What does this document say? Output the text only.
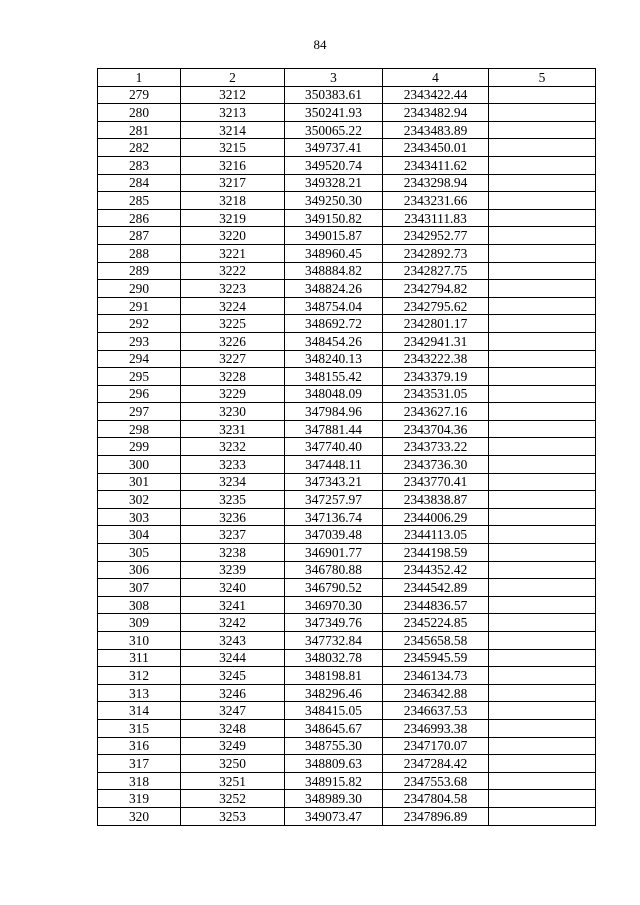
84
1	2	3	4	5
279	3212	350383.61	2343422.44	
280	3213	350241.93	2343482.94	
281	3214	350065.22	2343483.89	
282	3215	349737.41	2343450.01	
283	3216	349520.74	2343411.62	
284	3217	349328.21	2343298.94	
285	3218	349250.30	2343231.66	
286	3219	349150.82	2343111.83	
287	3220	349015.87	2342952.77	
288	3221	348960.45	2342892.73	
289	3222	348884.82	2342827.75	
290	3223	348824.26	2342794.82	
291	3224	348754.04	2342795.62	
292	3225	348692.72	2342801.17	
293	3226	348454.26	2342941.31	
294	3227	348240.13	2343222.38	
295	3228	348155.42	2343379.19	
296	3229	348048.09	2343531.05	
297	3230	347984.96	2343627.16	
298	3231	347881.44	2343704.36	
299	3232	347740.40	2343733.22	
300	3233	347448.11	2343736.30	
301	3234	347343.21	2343770.41	
302	3235	347257.97	2343838.87	
303	3236	347136.74	2344006.29	
304	3237	347039.48	2344113.05	
305	3238	346901.77	2344198.59	
306	3239	346780.88	2344352.42	
307	3240	346790.52	2344542.89	
308	3241	346970.30	2344836.57	
309	3242	347349.76	2345224.85	
310	3243	347732.84	2345658.58	
311	3244	348032.78	2345945.59	
312	3245	348198.81	2346134.73	
313	3246	348296.46	2346342.88	
314	3247	348415.05	2346637.53	
315	3248	348645.67	2346993.38	
316	3249	348755.30	2347170.07	
317	3250	348809.63	2347284.42	
318	3251	348915.82	2347553.68	
319	3252	348989.30	2347804.58	
320	3253	349073.47	2347896.89	
